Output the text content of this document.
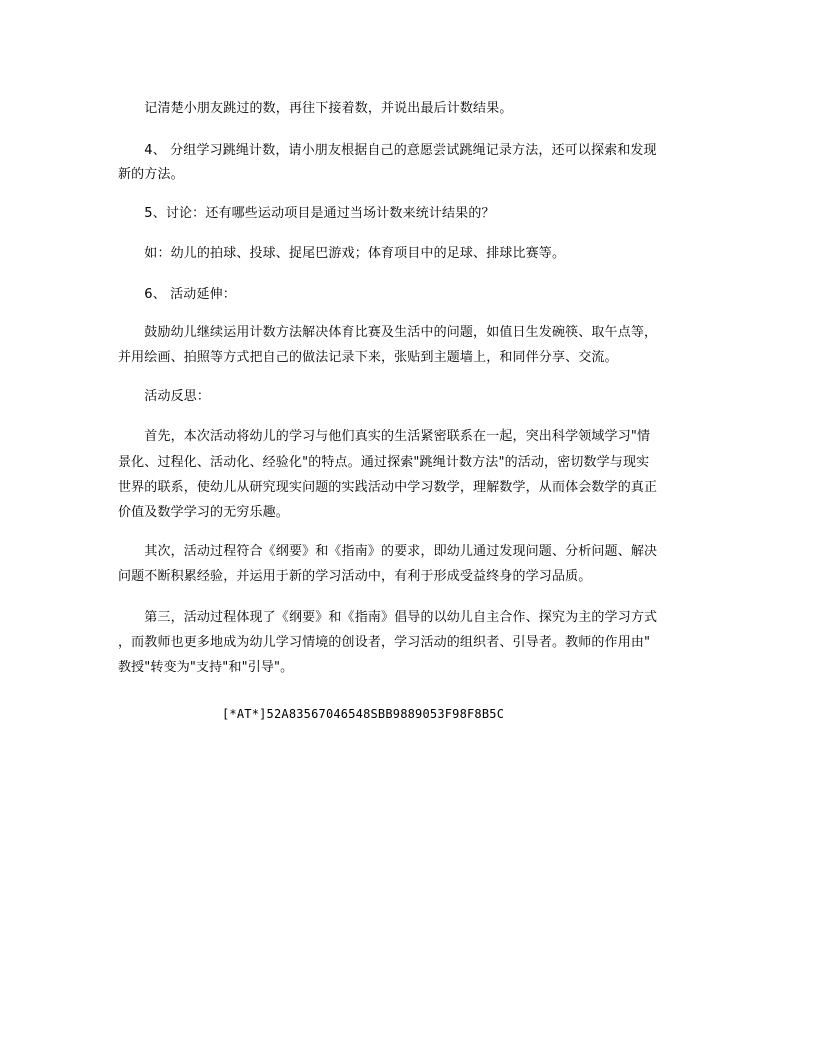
　　记清楚小朋友跳过的数，再往下接着数，并说出最后计数结果。
　　4、 分组学习跳绳计数，请小朋友根据自己的意愿尝试跳绳记录方法，还可以探索和发现
新的方法。
　　5、讨论：还有哪些运动项目是通过当场计数来统计结果的？
　　如：幼儿的拍球、投球、捉尾巴游戏；体育项目中的足球、排球比赛等。
　　6、 活动延伸：
　　鼓励幼儿继续运用计数方法解决体育比赛及生活中的问题，如值日生发碗筷、取午点等，
并用绘画、拍照等方式把自己的做法记录下来，张贴到主题墙上，和同伴分享、交流。
　　活动反思：
　　首先，本次活动将幼儿的学习与他们真实的生活紧密联系在一起，突出科学领域学习"情
景化、过程化、活动化、经验化"的特点。通过探索"跳绳计数方法"的活动，密切数学与现实
世界的联系，使幼儿从研究现实问题的实践活动中学习数学，理解数学，从而体会数学的真正
价值及数学学习的无穷乐趣。
　　其次，活动过程符合《纲要》和《指南》的要求，即幼儿通过发现问题、分析问题、解决
问题不断积累经验，并运用于新的学习活动中，有利于形成受益终身的学习品质。
　　第三，活动过程体现了《纲要》和《指南》倡导的以幼儿自主合作、探究为主的学习方式
，而教师也更多地成为幼儿学习情境的创设者，学习活动的组织者、引导者。教师的作用由"
教授"转变为"支持"和"引导"。
[*AT*]52A83567046548SBB9889053F98F8B5C
